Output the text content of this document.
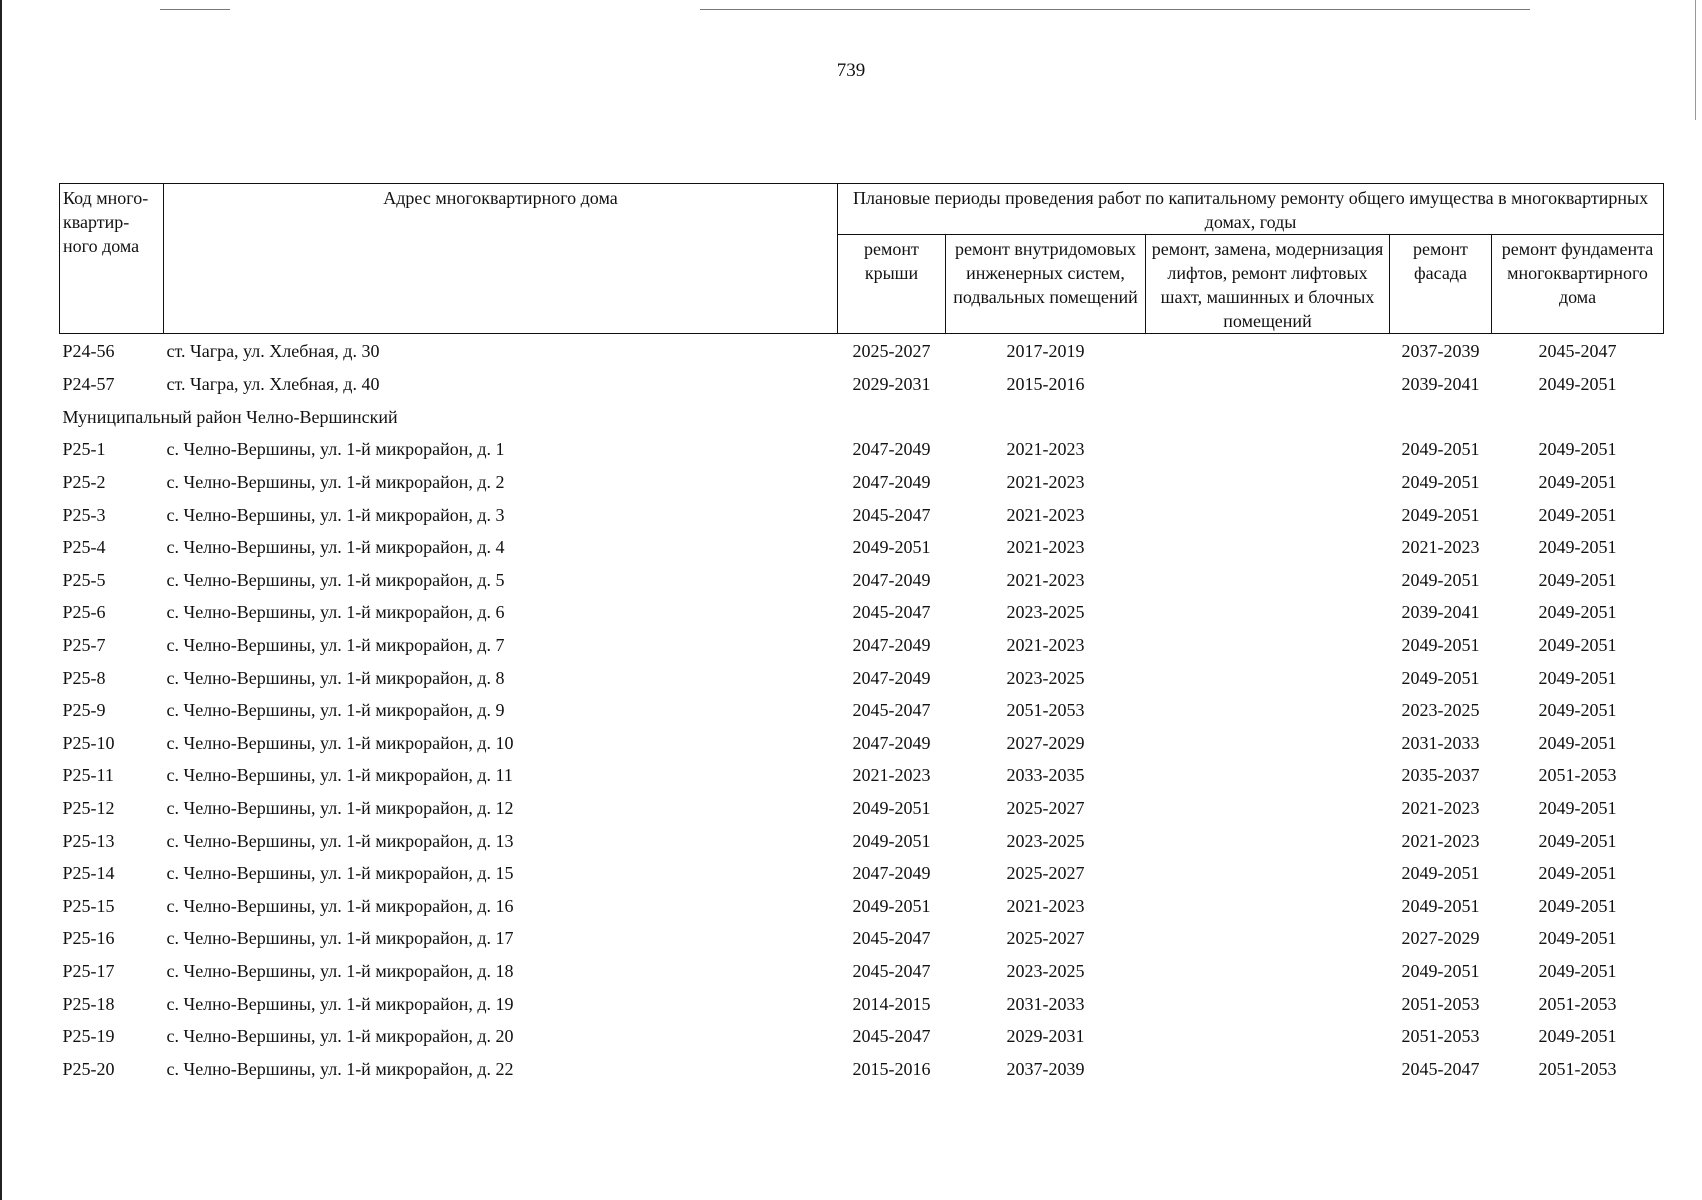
739
Код много-квартир-ного дома	Адрес многоквартирного дома	Плановые периоды проведения работ по капитальному ремонту общего имущества в многоквартирных домах, годы				
		ремонт крыши	ремонт внутридомовых инженерных систем, подвальных помещений	ремонт, замена, модернизация лифтов, ремонт лифтовых шахт, машинных и блочных помещений	ремонт фасада	ремонт фундамента многоквартирного дома
Р24-56	ст. Чагра, ул. Хлебная, д. 30	2025-2027	2017-2019		2037-2039	2045-2047
Р24-57	ст. Чагра, ул. Хлебная, д. 40	2029-2031	2015-2016		2039-2041	2049-2051
Муниципальный район Челно-Вершинский						
Р25-1	с. Челно-Вершины, ул. 1-й микрорайон, д. 1	2047-2049	2021-2023		2049-2051	2049-2051
Р25-2	с. Челно-Вершины, ул. 1-й микрорайон, д. 2	2047-2049	2021-2023		2049-2051	2049-2051
Р25-3	с. Челно-Вершины, ул. 1-й микрорайон, д. 3	2045-2047	2021-2023		2049-2051	2049-2051
Р25-4	с. Челно-Вершины, ул. 1-й микрорайон, д. 4	2049-2051	2021-2023		2021-2023	2049-2051
Р25-5	с. Челно-Вершины, ул. 1-й микрорайон, д. 5	2047-2049	2021-2023		2049-2051	2049-2051
Р25-6	с. Челно-Вершины, ул. 1-й микрорайон, д. 6	2045-2047	2023-2025		2039-2041	2049-2051
Р25-7	с. Челно-Вершины, ул. 1-й микрорайон, д. 7	2047-2049	2021-2023		2049-2051	2049-2051
Р25-8	с. Челно-Вершины, ул. 1-й микрорайон, д. 8	2047-2049	2023-2025		2049-2051	2049-2051
Р25-9	с. Челно-Вершины, ул. 1-й микрорайон, д. 9	2045-2047	2051-2053		2023-2025	2049-2051
Р25-10	с. Челно-Вершины, ул. 1-й микрорайон, д. 10	2047-2049	2027-2029		2031-2033	2049-2051
Р25-11	с. Челно-Вершины, ул. 1-й микрорайон, д. 11	2021-2023	2033-2035		2035-2037	2051-2053
Р25-12	с. Челно-Вершины, ул. 1-й микрорайон, д. 12	2049-2051	2025-2027		2021-2023	2049-2051
Р25-13	с. Челно-Вершины, ул. 1-й микрорайон, д. 13	2049-2051	2023-2025		2021-2023	2049-2051
Р25-14	с. Челно-Вершины, ул. 1-й микрорайон, д. 15	2047-2049	2025-2027		2049-2051	2049-2051
Р25-15	с. Челно-Вершины, ул. 1-й микрорайон, д. 16	2049-2051	2021-2023		2049-2051	2049-2051
Р25-16	с. Челно-Вершины, ул. 1-й микрорайон, д. 17	2045-2047	2025-2027		2027-2029	2049-2051
Р25-17	с. Челно-Вершины, ул. 1-й микрорайон, д. 18	2045-2047	2023-2025		2049-2051	2049-2051
Р25-18	с. Челно-Вершины, ул. 1-й микрорайон, д. 19	2014-2015	2031-2033		2051-2053	2051-2053
Р25-19	с. Челно-Вершины, ул. 1-й микрорайон, д. 20	2045-2047	2029-2031		2051-2053	2049-2051
Р25-20	с. Челно-Вершины, ул. 1-й микрорайон, д. 22	2015-2016	2037-2039		2045-2047	2051-2053
